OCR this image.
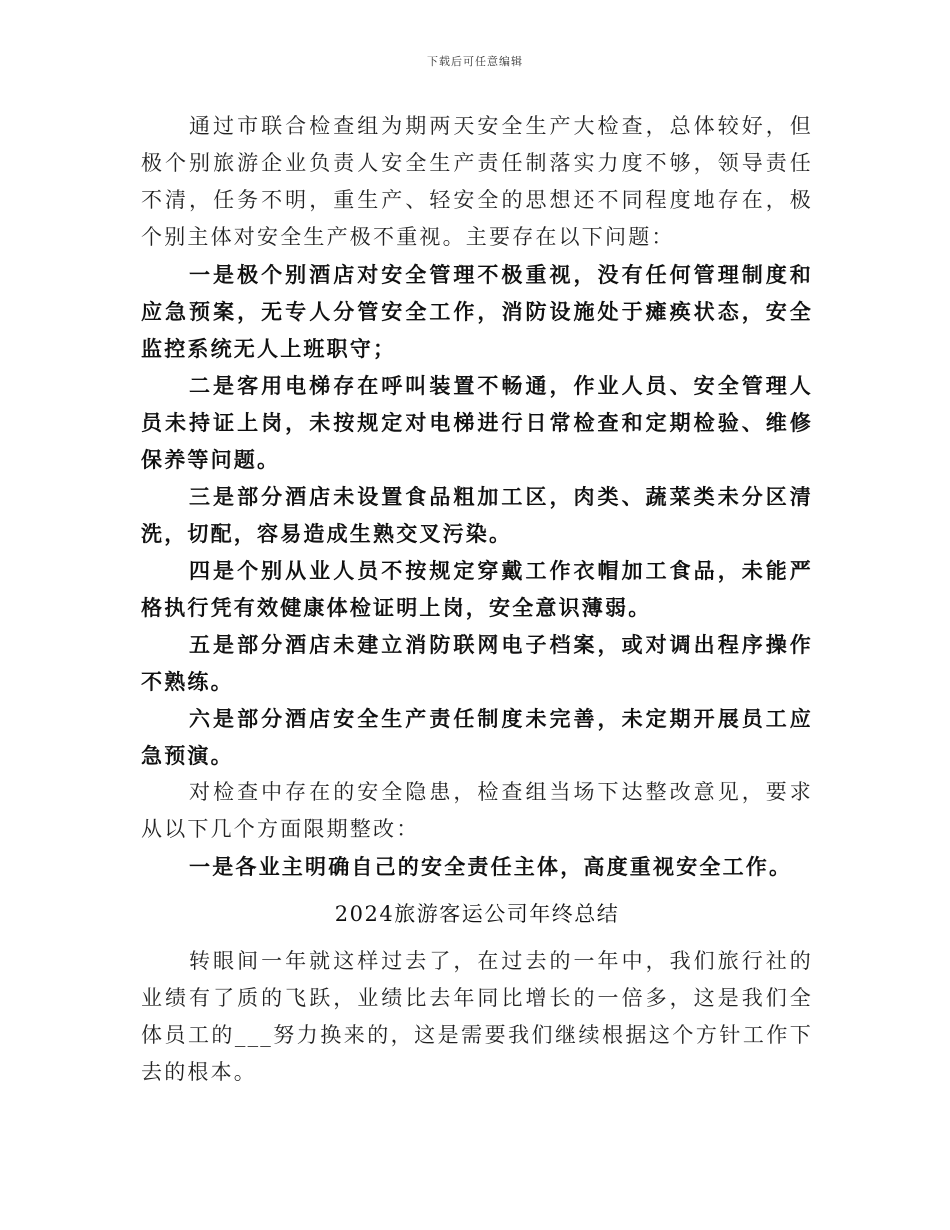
下载后可任意编辑

通过市联合检查组为期两天安全生产大检查，总体较好，但极个别旅游企业负责人安全生产责任制落实力度不够，领导责任不清，任务不明，重生产、轻安全的思想还不同程度地存在，极个别主体对安全生产极不重视。主要存在以下问题：

一是极个别酒店对安全管理不极重视，没有任何管理制度和应急预案，无专人分管安全工作，消防设施处于瘫痪状态，安全监控系统无人上班职守；

二是客用电梯存在呼叫装置不畅通，作业人员、安全管理人员未持证上岗，未按规定对电梯进行日常检查和定期检验、维修保养等问题。

三是部分酒店未设置食品粗加工区，肉类、蔬菜类未分区清洗，切配，容易造成生熟交叉污染。

四是个别从业人员不按规定穿戴工作衣帽加工食品，未能严格执行凭有效健康体检证明上岗，安全意识薄弱。

五是部分酒店未建立消防联网电子档案，或对调出程序操作不熟练。

六是部分酒店安全生产责任制度未完善，未定期开展员工应急预演。

对检查中存在的安全隐患，检查组当场下达整改意见，要求从以下几个方面限期整改：

一是各业主明确自己的安全责任主体，高度重视安全工作。

2024旅游客运公司年终总结

转眼间一年就这样过去了，在过去的一年中，我们旅行社的业绩有了质的飞跃，业绩比去年同比增长的一倍多，这是我们全体员工的___努力换来的，这是需要我们继续根据这个方针工作下去的根本。
